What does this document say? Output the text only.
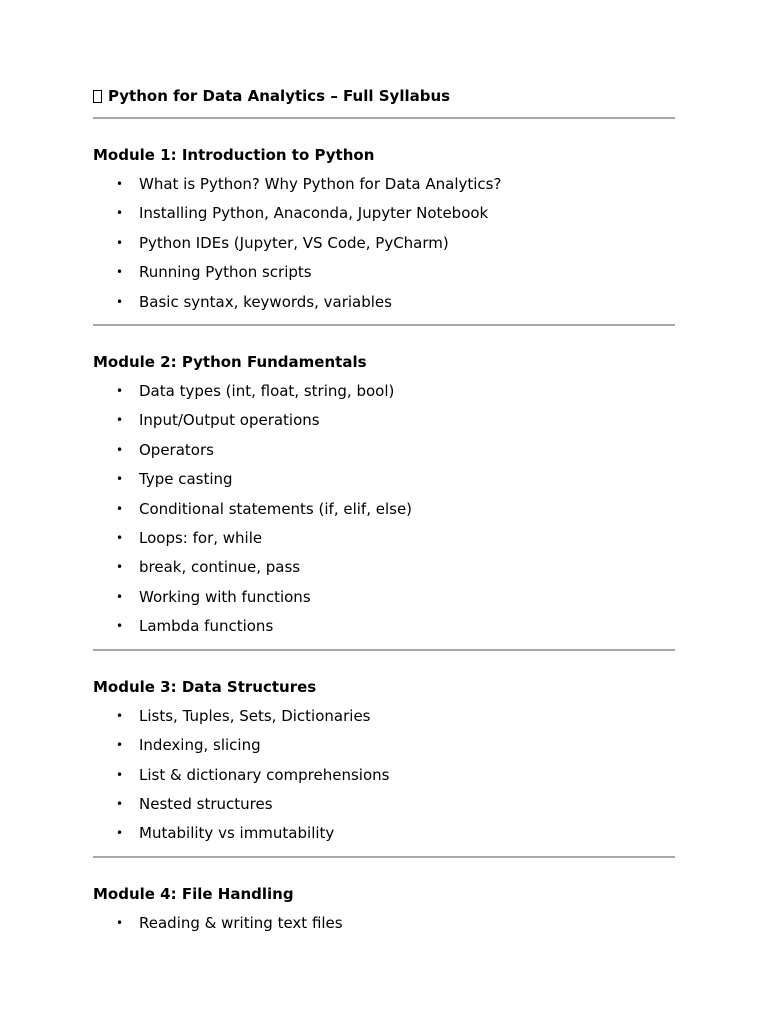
Python for Data Analytics – Full Syllabus
Module 1: Introduction to Python
• What is Python? Why Python for Data Analytics?
• Installing Python, Anaconda, Jupyter Notebook
• Python IDEs (Jupyter, VS Code, PyCharm)
• Running Python scripts
• Basic syntax, keywords, variables
Module 2: Python Fundamentals
• Data types (int, float, string, bool)
• Input/Output operations
• Operators
• Type casting
• Conditional statements (if, elif, else)
• Loops: for, while
• break, continue, pass
• Working with functions
• Lambda functions
Module 3: Data Structures
• Lists, Tuples, Sets, Dictionaries
• Indexing, slicing
• List & dictionary comprehensions
• Nested structures
• Mutability vs immutability
Module 4: File Handling
• Reading & writing text files
